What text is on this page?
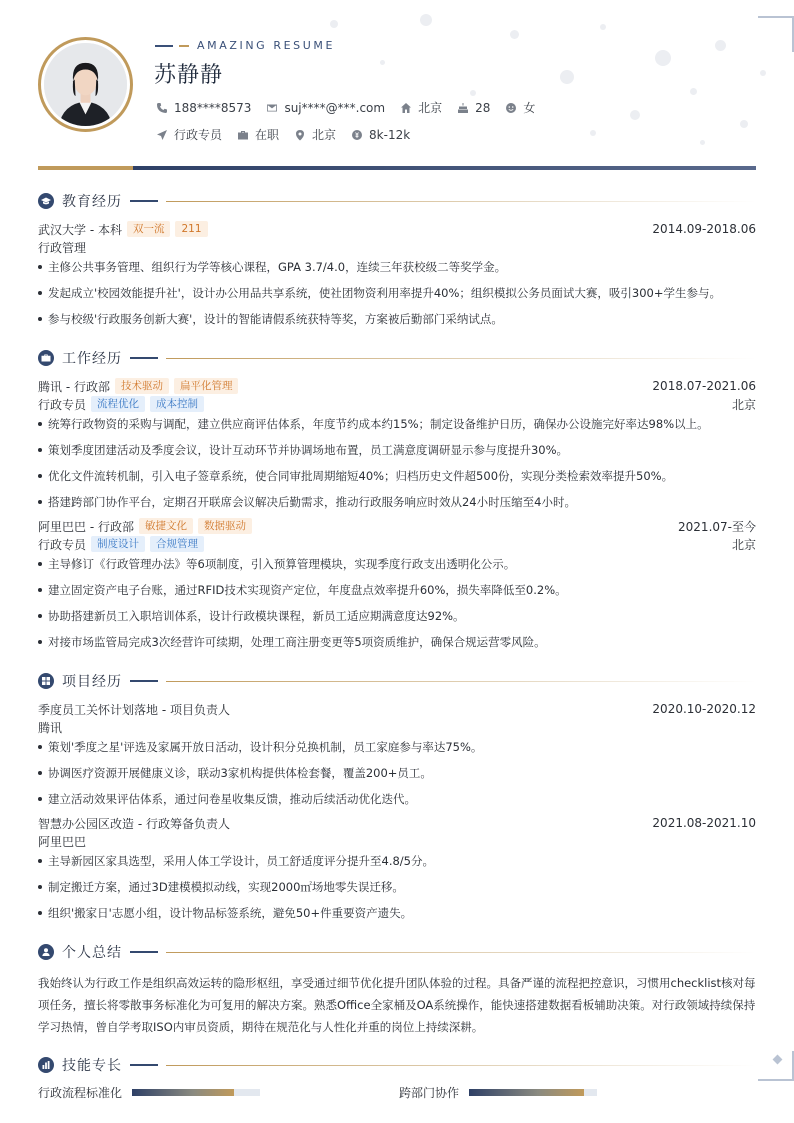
AMAZING RESUME
苏静静
188****8573	suj****@***.com	北京	28	女
行政专员	在职	北京	8k-12k
教育经历
武汉大学 - 本科	双一流	211	2014.09-2018.06
行政管理
主修公共事务管理、组织行为学等核心课程，GPA 3.7/4.0，连续三年获校级二等奖学金。
发起成立'校园效能提升社'，设计办公用品共享系统，使社团物资利用率提升40%；组织模拟公务员面试大赛，吸引300+学生参与。
参与校级'行政服务创新大赛'，设计的智能请假系统获特等奖，方案被后勤部门采纳试点。
工作经历
腾讯 - 行政部	技术驱动	扁平化管理	2018.07-2021.06
行政专员	流程优化	成本控制	北京
统筹行政物资的采购与调配，建立供应商评估体系，年度节约成本约15%；制定设备维护日历，确保办公设施完好率达98%以上。
策划季度团建活动及季度会议，设计互动环节并协调场地布置，员工满意度调研显示参与度提升30%。
优化文件流转机制，引入电子签章系统，使合同审批周期缩短40%；归档历史文件超500份，实现分类检索效率提升50%。
搭建跨部门协作平台，定期召开联席会议解决后勤需求，推动行政服务响应时效从24小时压缩至4小时。
阿里巴巴 - 行政部	敏捷文化	数据驱动	2021.07-至今
行政专员	制度设计	合规管理	北京
主导修订《行政管理办法》等6项制度，引入预算管理模块，实现季度行政支出透明化公示。
建立固定资产电子台账，通过RFID技术实现资产定位，年度盘点效率提升60%，损失率降低至0.2%。
协助搭建新员工入职培训体系，设计行政模块课程，新员工适应期满意度达92%。
对接市场监管局完成3次经营许可续期，处理工商注册变更等5项资质维护，确保合规运营零风险。
项目经历
季度员工关怀计划落地 - 项目负责人	2020.10-2020.12
腾讯
策划'季度之星'评选及家属开放日活动，设计积分兑换机制，员工家庭参与率达75%。
协调医疗资源开展健康义诊，联动3家机构提供体检套餐，覆盖200+员工。
建立活动效果评估体系，通过问卷星收集反馈，推动后续活动优化迭代。
智慧办公园区改造 - 行政筹备负责人	2021.08-2021.10
阿里巴巴
主导新园区家具选型，采用人体工学设计，员工舒适度评分提升至4.8/5分。
制定搬迁方案，通过3D建模模拟动线，实现2000㎡场地零失误迁移。
组织'搬家日'志愿小组，设计物品标签系统，避免50+件重要资产遗失。
个人总结
我始终认为行政工作是组织高效运转的隐形枢纽，享受通过细节优化提升团队体验的过程。具备严谨的流程把控意识，习惯用checklist核对每项任务，擅长将零散事务标准化为可复用的解决方案。熟悉Office全家桶及OA系统操作，能快速搭建数据看板辅助决策。对行政领域持续保持学习热情，曾自学考取ISO内审员资质，期待在规范化与人性化并重的岗位上持续深耕。
技能专长
行政流程标准化	跨部门协作
